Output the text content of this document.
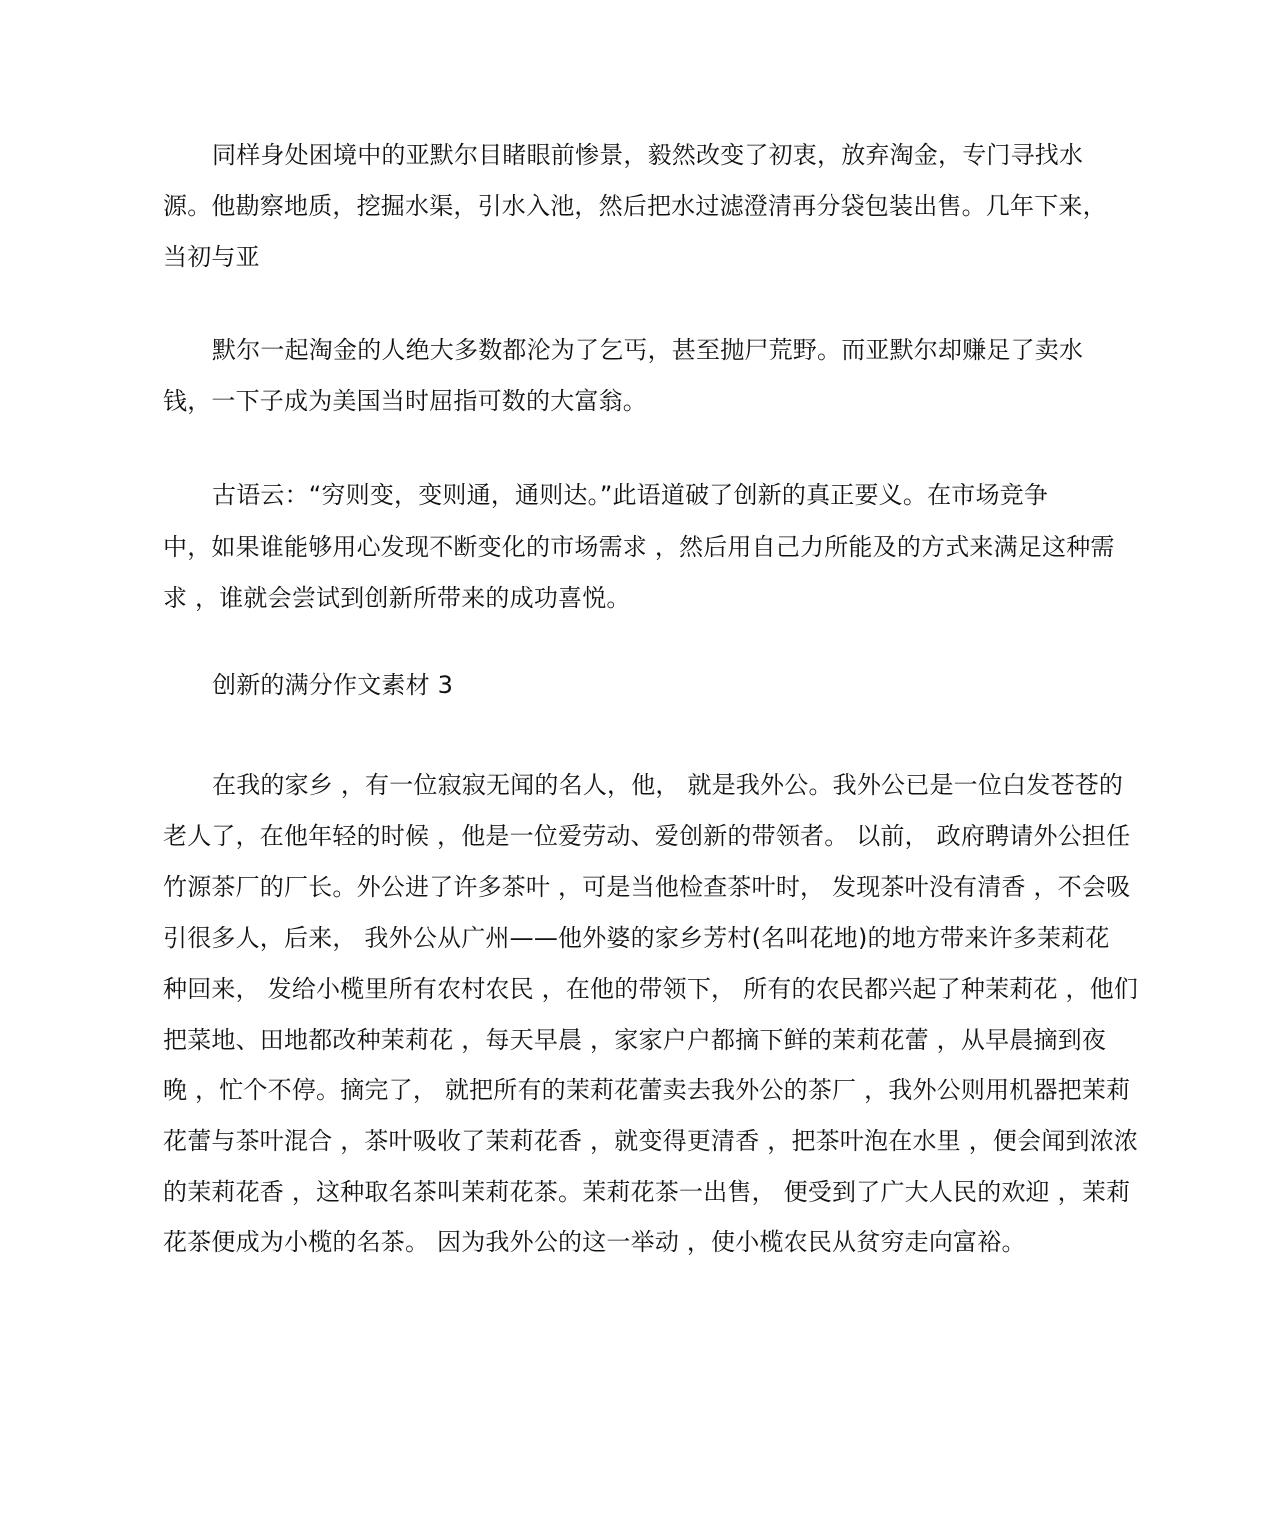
同样身处困境中的亚默尔目睹眼前惨景，毅然改变了初衷，放弃淘金，专门寻找水
源。他勘察地质，挖掘水渠，引水入池，然后把水过滤澄清再分袋包装出售。几年下来，
当初与亚
默尔一起淘金的人绝大多数都沦为了乞丐，甚至抛尸荒野。而亚默尔却赚足了卖水
钱，一下子成为美国当时屈指可数的大富翁。
古语云：“穷则变，变则通，通则达。”此语道破了创新的真正要义。在市场竞争
中，如果谁能够用心发现不断变化的市场需求 ，然后用自己力所能及的方式来满足这种需
求 ，谁就会尝试到创新所带来的成功喜悦。
创新的满分作文素材 3
在我的家乡 ，有一位寂寂无闻的名人，他， 就是我外公。我外公已是一位白发苍苍的
老人了，在他年轻的时候 ，他是一位爱劳动、爱创新的带领者。 以前， 政府聘请外公担任
竹源茶厂的厂长。外公进了许多茶叶 ，可是当他检查茶叶时， 发现茶叶没有清香 ，不会吸
引很多人，后来， 我外公从广州——他外婆的家乡芳村(名叫花地)的地方带来许多茉莉花
种回来， 发给小榄里所有农村农民 ，在他的带领下， 所有的农民都兴起了种茉莉花 ，他们
把菜地、田地都改种茉莉花 ，每天早晨 ，家家户户都摘下鲜的茉莉花蕾 ，从早晨摘到夜
晚 ，忙个不停。摘完了， 就把所有的茉莉花蕾卖去我外公的茶厂 ，我外公则用机器把茉莉
花蕾与茶叶混合 ，茶叶吸收了茉莉花香 ，就变得更清香 ，把茶叶泡在水里 ，便会闻到浓浓
的茉莉花香 ，这种取名茶叫茉莉花茶。茉莉花茶一出售， 便受到了广大人民的欢迎 ，茉莉
花茶便成为小榄的名茶。 因为我外公的这一举动 ，使小榄农民从贫穷走向富裕。
